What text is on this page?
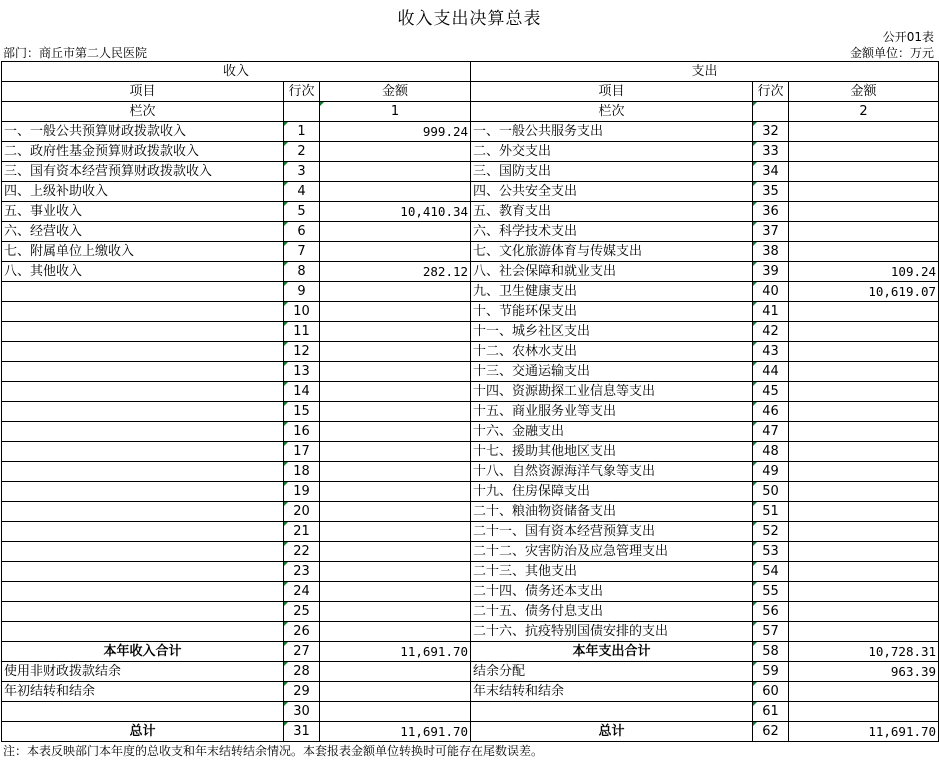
收入支出决算总表
公开01表
部门：商丘市第二人民医院	金额单位：万元
收入			支出		
项目	行次	金额	项目	行次	金额
栏次		1	栏次		2
一、一般公共预算财政拨款收入	1	999.24	一、一般公共服务支出	32	
二、政府性基金预算财政拨款收入	2		二、外交支出	33	
三、国有资本经营预算财政拨款收入	3		三、国防支出	34	
四、上级补助收入	4		四、公共安全支出	35	
五、事业收入	5	10,410.34	五、教育支出	36	
六、经营收入	6		六、科学技术支出	37	
七、附属单位上缴收入	7		七、文化旅游体育与传媒支出	38	
八、其他收入	8	282.12	八、社会保障和就业支出	39	109.24
	9		九、卫生健康支出	40	10,619.07
	10		十、节能环保支出	41	
	11		十一、城乡社区支出	42	
	12		十二、农林水支出	43	
	13		十三、交通运输支出	44	
	14		十四、资源勘探工业信息等支出	45	
	15		十五、商业服务业等支出	46	
	16		十六、金融支出	47	
	17		十七、援助其他地区支出	48	
	18		十八、自然资源海洋气象等支出	49	
	19		十九、住房保障支出	50	
	20		二十、粮油物资储备支出	51	
	21		二十一、国有资本经营预算支出	52	
	22		二十二、灾害防治及应急管理支出	53	
	23		二十三、其他支出	54	
	24		二十四、债务还本支出	55	
	25		二十五、债务付息支出	56	
	26		二十六、抗疫特别国债安排的支出	57	
本年收入合计	27	11,691.70	本年支出合计	58	10,728.31
使用非财政拨款结余	28		结余分配	59	963.39
年初结转和结余	29		年末结转和结余	60	
	30			61	
总计	31	11,691.70	总计	62	11,691.70
注：本表反映部门本年度的总收支和年末结转结余情况。本套报表金额单位转换时可能存在尾数误差。
